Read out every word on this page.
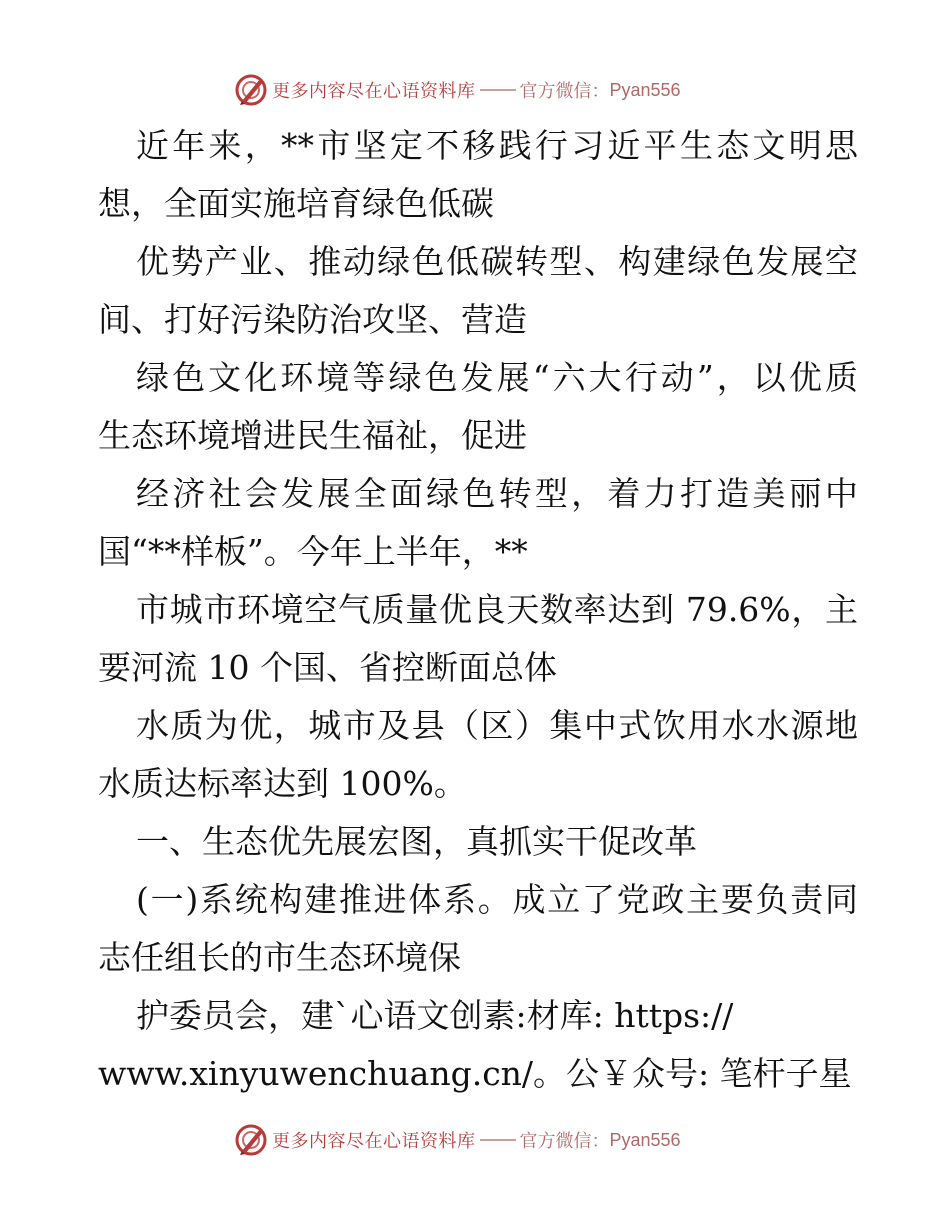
更多内容尽在心语资料库 官方微信： Pyan556
近年来，**市坚定不移践行习近平生态文明思
想，全面实施培育绿色低碳
优势产业、推动绿色低碳转型、构建绿色发展空
间、打好污染防治攻坚、营造
绿色文化环境等绿色发展“六大行动”，以优质
生态环境增进民生福祉，促进
经济社会发展全面绿色转型，着力打造美丽中
国“**样板”。今年上半年，**
市城市环境空气质量优良天数率达到 79.6%，主
要河流 10 个国、省控断面总体
水质为优，城市及县（区）集中式饮用水水源地
水质达标率达到 100%。
一、生态优先展宏图，真抓实干促改革
(一)系统构建推进体系。成立了党政主要负责同
志任组长的市生态环境保
护委员会，建`心语文创素:材库: https://
www.xinyuwenchuang.cn/。公￥众号: 笔杆子星
更多内容尽在心语资料库 官方微信： Pyan556
